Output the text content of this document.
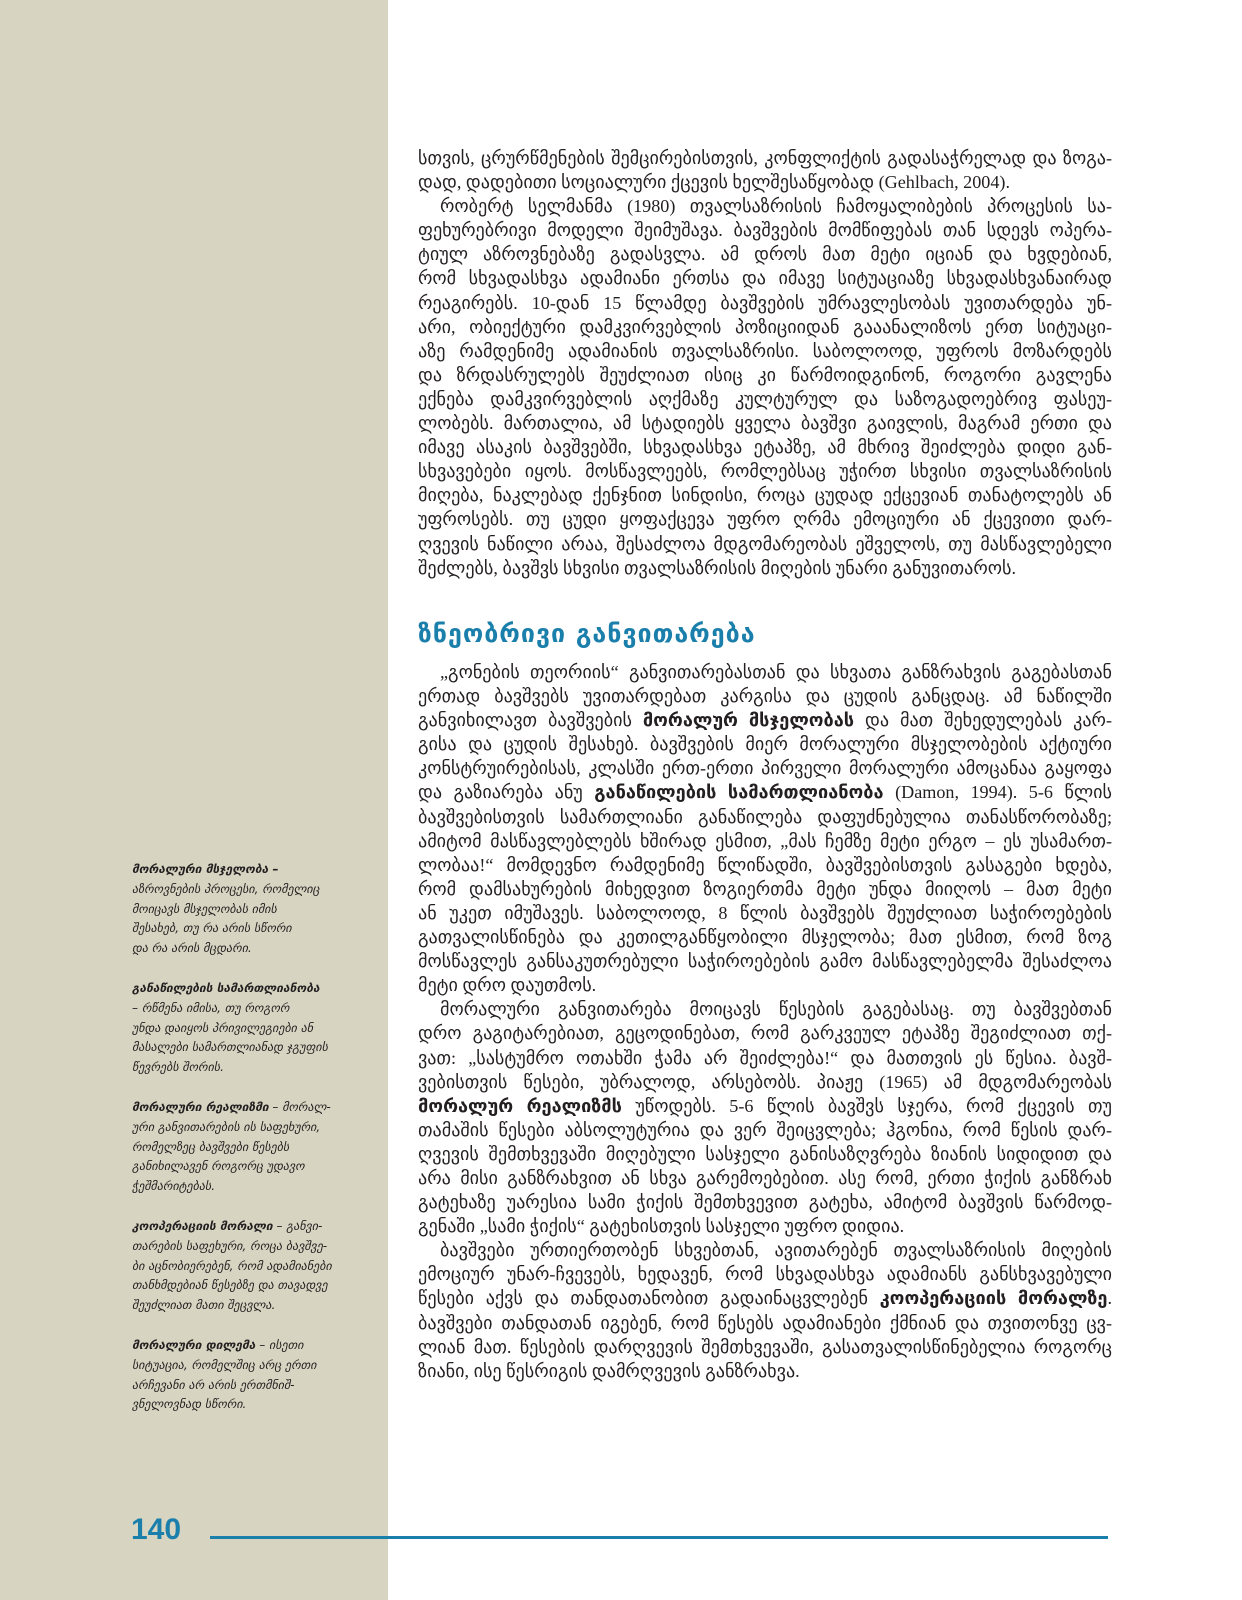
მორალური მსჯელობა –
აზროვნების პროცესი, რომელიც
მოიცავს მსჯელობას იმის
შესახებ, თუ რა არის სწორი
და რა არის მცდარი.
განაწილების სამართლიანობა
– რწმენა იმისა, თუ როგორ
უნდა დაიყოს პრივილეგიები ან
მასალები სამართლიანად ჯგუფის
წევრებს შორის.
მორალური რეალიზმი – მორალ-
ური განვითარების ის საფეხური,
რომელზეც ბავშვები წესებს
განიხილავენ როგორც უდავო
ჭეშმარიტებას.
კოოპერაციის მორალი – განვი-
თარების საფეხური, როცა ბავშვე-
ბი აცნობიერებენ, რომ ადამიანები
თანხმდებიან წესებზე და თავადვე
შეუძლიათ მათი შეცვლა.
მორალური დილემა – ისეთი
სიტუაცია, რომელშიც არც ერთი
არჩევანი არ არის ერთმნიშ-
ვნელოვნად სწორი.
სთვის, ცრურწმენების შემცირებისთვის, კონფლიქტის გადასაჭრელად და ზოგა-
დად, დადებითი სოციალური ქცევის ხელშესაწყობად (Gehlbach, 2004).
რობერტ სელმანმა (1980) თვალსაზრისის ჩამოყალიბების პროცესის სა-
ფეხურებრივი მოდელი შეიმუშავა. ბავშვების მომწიფებას თან სდევს ოპერა-
ტიულ აზროვნებაზე გადასვლა. ამ დროს მათ მეტი იციან და ხვდებიან,
რომ სხვადასხვა ადამიანი ერთსა და იმავე სიტუაციაზე სხვადასხვანაირად
რეაგირებს. 10-დან 15 წლამდე ბავშვების უმრავლესობას უვითარდება უნ-
არი, ობიექტური დამკვირვებლის პოზიციიდან გააანალიზოს ერთ სიტუაცი-
აზე რამდენიმე ადამიანის თვალსაზრისი. საბოლოოდ, უფროს მოზარდებს
და ზრდასრულებს შეუძლიათ ისიც კი წარმოიდგინონ, როგორი გავლენა
ექნება დამკვირვებლის აღქმაზე კულტურულ და საზოგადოებრივ ფასეუ-
ლობებს. მართალია, ამ სტადიებს ყველა ბავშვი გაივლის, მაგრამ ერთი და
იმავე ასაკის ბავშვებში, სხვადასხვა ეტაპზე, ამ მხრივ შეიძლება დიდი გან-
სხვავებები იყოს. მოსწავლეებს, რომლებსაც უჭირთ სხვისი თვალსაზრისის
მიღება, ნაკლებად ქენჯნით სინდისი, როცა ცუდად ექცევიან თანატოლებს ან
უფროსებს. თუ ცუდი ყოფაქცევა უფრო ღრმა ემოციური ან ქცევითი დარ-
ღვევის ნაწილი არაა, შესაძლოა მდგომარეობას ეშველოს, თუ მასწავლებელი
შეძლებს, ბავშვს სხვისი თვალსაზრისის მიღების უნარი განუვითაროს.
ზნეობრივი განვითარება
„გონების თეორიის“ განვითარებასთან და სხვათა განზრახვის გაგებასთან
ერთად ბავშვებს უვითარდებათ კარგისა და ცუდის განცდაც. ამ ნაწილში
განვიხილავთ ბავშვების მორალურ მსჯელობას და მათ შეხედულებას კარ-
გისა და ცუდის შესახებ. ბავშვების მიერ მორალური მსჯელობების აქტიური
კონსტრუირებისას, კლასში ერთ-ერთი პირველი მორალური ამოცანაა გაყოფა
და გაზიარება ანუ განაწილების სამართლიანობა (Damon, 1994). 5-6 წლის
ბავშვებისთვის სამართლიანი განაწილება დაფუძნებულია თანასწორობაზე;
ამიტომ მასწავლებლებს ხშირად ესმით, „მას ჩემზე მეტი ერგო – ეს უსამართ-
ლობაა!“ მომდევნო რამდენიმე წლიწადში, ბავშვებისთვის გასაგები ხდება,
რომ დამსახურების მიხედვით ზოგიერთმა მეტი უნდა მიიღოს – მათ მეტი
ან უკეთ იმუშავეს. საბოლოოდ, 8 წლის ბავშვებს შეუძლიათ საჭიროებების
გათვალისწინება და კეთილგანწყობილი მსჯელობა; მათ ესმით, რომ ზოგ
მოსწავლეს განსაკუთრებული საჭიროებების გამო მასწავლებელმა შესაძლოა
მეტი დრო დაუთმოს.
მორალური განვითარება მოიცავს წესების გაგებასაც. თუ ბავშვებთან
დრო გაგიტარებიათ, გეცოდინებათ, რომ გარკვეულ ეტაპზე შეგიძლიათ თქ-
ვათ: „სასტუმრო ოთახში ჭამა არ შეიძლება!“ და მათთვის ეს წესია. ბავშ-
ვებისთვის წესები, უბრალოდ, არსებობს. პიაჟე (1965) ამ მდგომარეობას
მორალურ რეალიზმს უწოდებს. 5-6 წლის ბავშვს სჯერა, რომ ქცევის თუ
თამაშის წესები აბსოლუტურია და ვერ შეიცვლება; ჰგონია, რომ წესის დარ-
ღვევის შემთხვევაში მიღებული სასჯელი განისაზღვრება ზიანის სიდიდით და
არა მისი განზრახვით ან სხვა გარემოებებით. ასე რომ, ერთი ჭიქის განზრახ
გატეხაზე უარესია სამი ჭიქის შემთხვევით გატეხა, ამიტომ ბავშვის წარმოდ-
გენაში „სამი ჭიქის“ გატეხისთვის სასჯელი უფრო დიდია.
ბავშვები ურთიერთობენ სხვებთან, ავითარებენ თვალსაზრისის მიღების
ემოციურ უნარ-ჩვევებს, ხედავენ, რომ სხვადასხვა ადამიანს განსხვავებული
წესები აქვს და თანდათანობით გადაინაცვლებენ კოოპერაციის მორალზე.
ბავშვები თანდათან იგებენ, რომ წესებს ადამიანები ქმნიან და თვითონვე ცვ-
ლიან მათ. წესების დარღვევის შემთხვევაში, გასათვალისწინებელია როგორც
ზიანი, ისე წესრიგის დამრღვევის განზრახვა.
140
